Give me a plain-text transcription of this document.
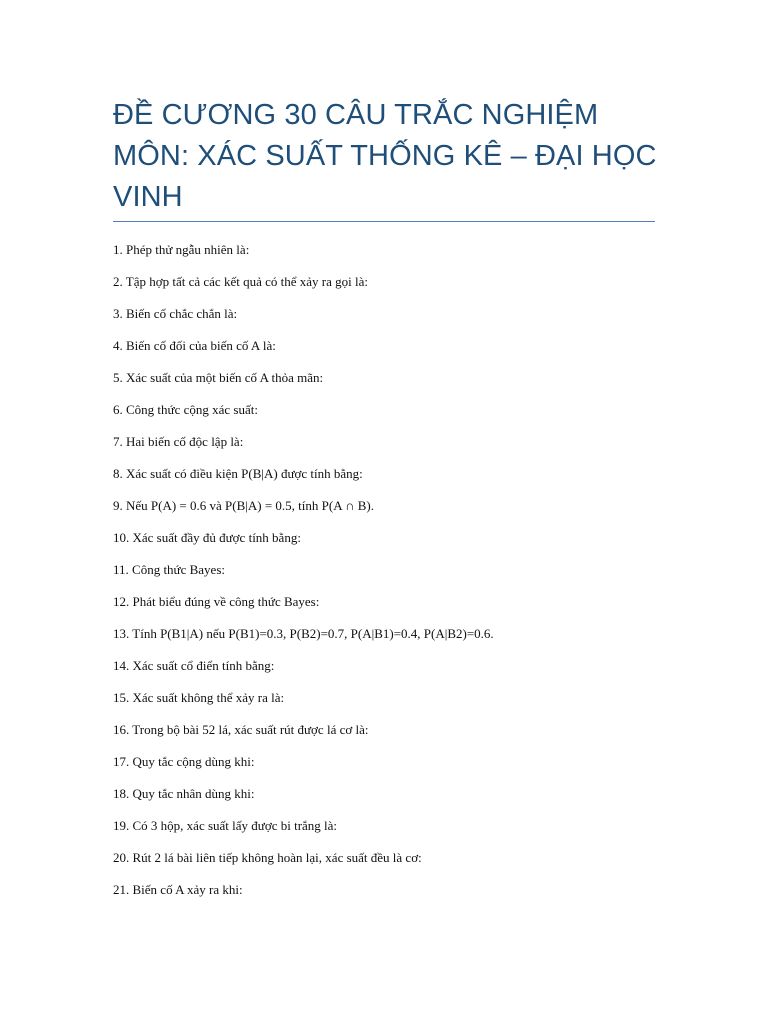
ĐỀ CƯƠNG 30 CÂU TRẮC NGHIỆM MÔN: XÁC SUẤT THỐNG KÊ – ĐẠI HỌC VINH
1. Phép thử ngẫu nhiên là:
2. Tập hợp tất cả các kết quả có thể xảy ra gọi là:
3. Biến cố chắc chắn là:
4. Biến cố đối của biến cố A là:
5. Xác suất của một biến cố A thỏa mãn:
6. Công thức cộng xác suất:
7. Hai biến cố độc lập là:
8. Xác suất có điều kiện P(B|A) được tính bằng:
9. Nếu P(A) = 0.6 và P(B|A) = 0.5, tính P(A ∩ B).
10. Xác suất đầy đủ được tính bằng:
11. Công thức Bayes:
12. Phát biểu đúng về công thức Bayes:
13. Tính P(B1|A) nếu P(B1)=0.3, P(B2)=0.7, P(A|B1)=0.4, P(A|B2)=0.6.
14. Xác suất cổ điển tính bằng:
15. Xác suất không thể xảy ra là:
16. Trong bộ bài 52 lá, xác suất rút được lá cơ là:
17. Quy tắc cộng dùng khi:
18. Quy tắc nhân dùng khi:
19. Có 3 hộp, xác suất lấy được bi trắng là:
20. Rút 2 lá bài liên tiếp không hoàn lại, xác suất đều là cơ:
21. Biến cố A xảy ra khi:
